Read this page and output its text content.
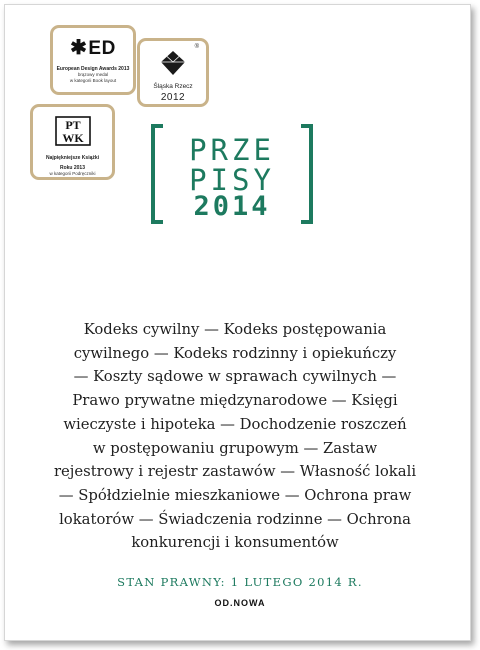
✱ED
European Design Awards 2013
brązowy medal
w kategorii Book layout
®
Śląska Rzecz
2012
PT
WK
Najpiękniejsze Książki
Roku 2013
w kategorii Podręczniki
PRZE
PISY
2014
Kodeks cywilny — Kodeks postępowania
cywilnego — Kodeks rodzinny i opiekuńczy
— Koszty sądowe w sprawach cywilnych —
Prawo prywatne międzynarodowe — Księgi
wieczyste i hipoteka — Dochodzenie roszczeń
w postępowaniu grupowym — Zastaw
rejestrowy i rejestr zastawów — Własność lokali
— Spółdzielnie mieszkaniowe — Ochrona praw
lokatorów — Świadczenia rodzinne — Ochrona
konkurencji i konsumentów
STAN PRAWNY: 1 LUTEGO 2014 R.
OD.NOWA
